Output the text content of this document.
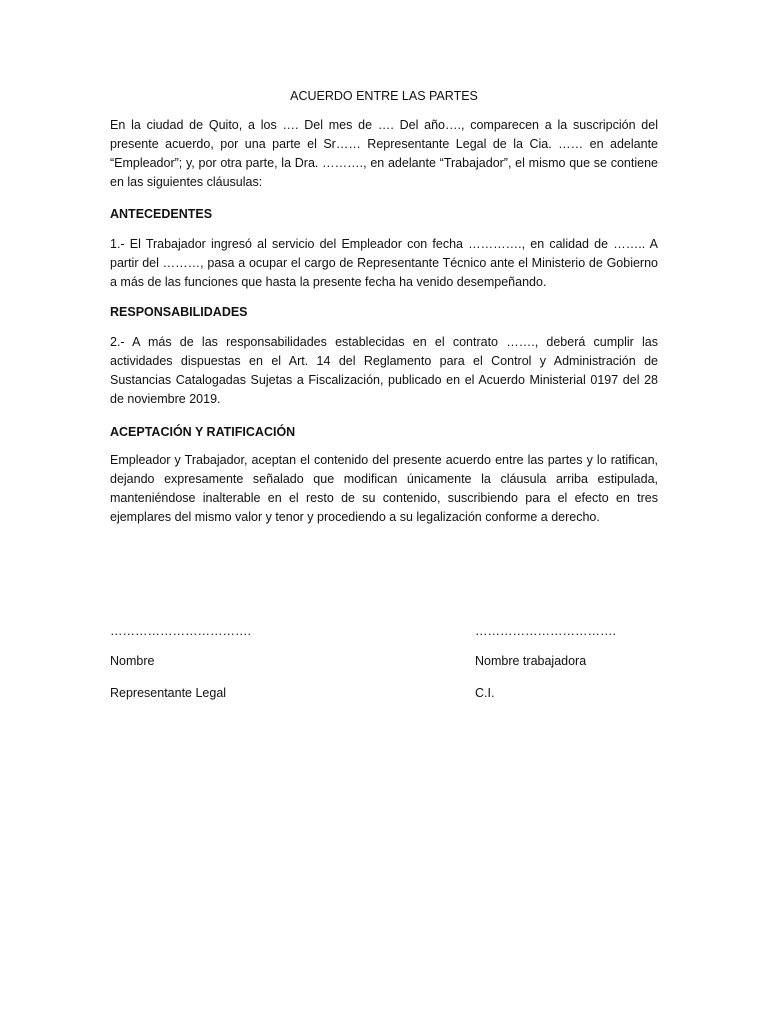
ACUERDO ENTRE LAS PARTES

En la ciudad de Quito, a los …. Del mes de …. Del año…., comparecen a la suscripción del presente acuerdo, por una parte el Sr…… Representante Legal de la Cia. …… en adelante “Empleador”; y, por otra parte, la Dra. ………., en adelante “Trabajador”, el mismo que se contiene en las siguientes cláusulas:

ANTECEDENTES

1.- El Trabajador ingresó al servicio del Empleador con fecha …………., en calidad de …….. A partir del ………, pasa a ocupar el cargo de Representante Técnico ante el Ministerio de Gobierno a más de las funciones que hasta la presente fecha ha venido desempeñando.

RESPONSABILIDADES

2.- A más de las responsabilidades establecidas en el contrato ……., deberá cumplir las actividades dispuestas en el Art. 14 del Reglamento para el Control y Administración de Sustancias Catalogadas Sujetas a Fiscalización, publicado en el Acuerdo Ministerial 0197 del 28 de noviembre 2019.

ACEPTACIÓN Y RATIFICACIÓN

Empleador y Trabajador, aceptan el contenido del presente acuerdo entre las partes y lo ratifican, dejando expresamente señalado que modifican únicamente la cláusula arriba estipulada, manteniéndose inalterable en el resto de su contenido, suscribiendo para el efecto en tres ejemplares del mismo valor y tenor y procediendo a su legalización conforme a derecho.

…………………………….	…………………………….
Nombre	Nombre trabajadora
Representante Legal	C.I.
